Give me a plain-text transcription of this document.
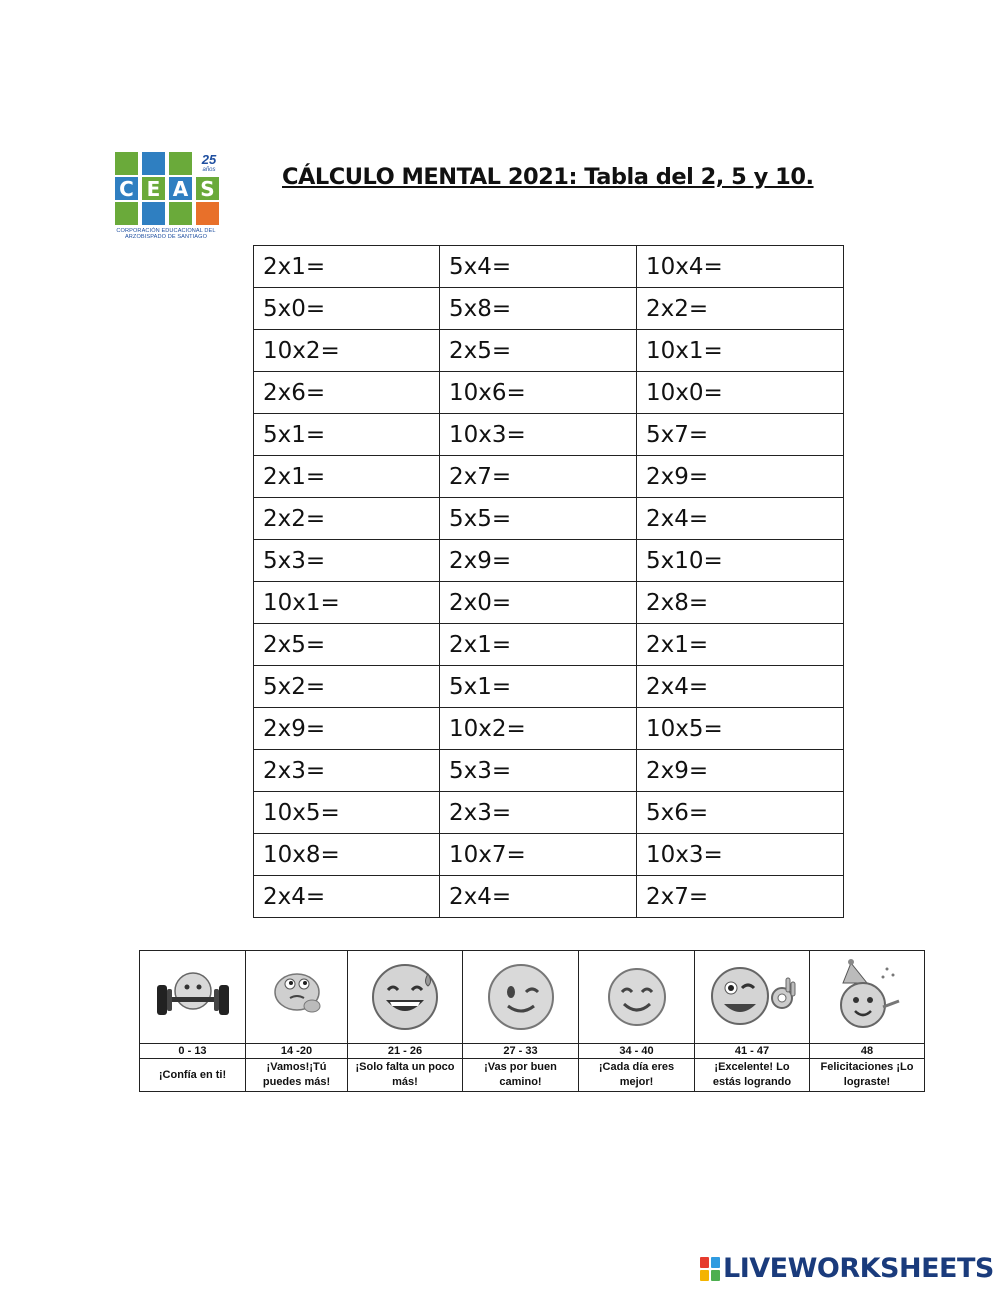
25
años
C E A S
CORPORACIÓN EDUCACIONAL DEL ARZOBISPADO DE SANTIAGO
CÁLCULO MENTAL 2021: Tabla del 2, 5 y 10.
2x1=	5x4=	10x4=
5x0=	5x8=	2x2=
10x2=	2x5=	10x1=
2x6=	10x6=	10x0=
5x1=	10x3=	5x7=
2x1=	2x7=	2x9=
2x2=	5x5=	2x4=
5x3=	2x9=	5x10=
10x1=	2x0=	2x8=
2x5=	2x1=	2x1=
5x2=	5x1=	2x4=
2x9=	10x2=	10x5=
2x3=	5x3=	2x9=
10x5=	2x3=	5x6=
10x8=	10x7=	10x3=
2x4=	2x4=	2x7=

0 - 13	14 -20	21 - 26	27 - 33	34 - 40	41 - 47	48
¡Confía en ti!	¡Vamos!¡Tú puedes más!	¡Solo falta un poco más!	¡Vas por buen camino!	¡Cada día eres mejor!	¡Excelente! Lo estás logrando	Felicitaciones ¡Lo lograste!
LIVEWORKSHEETS
